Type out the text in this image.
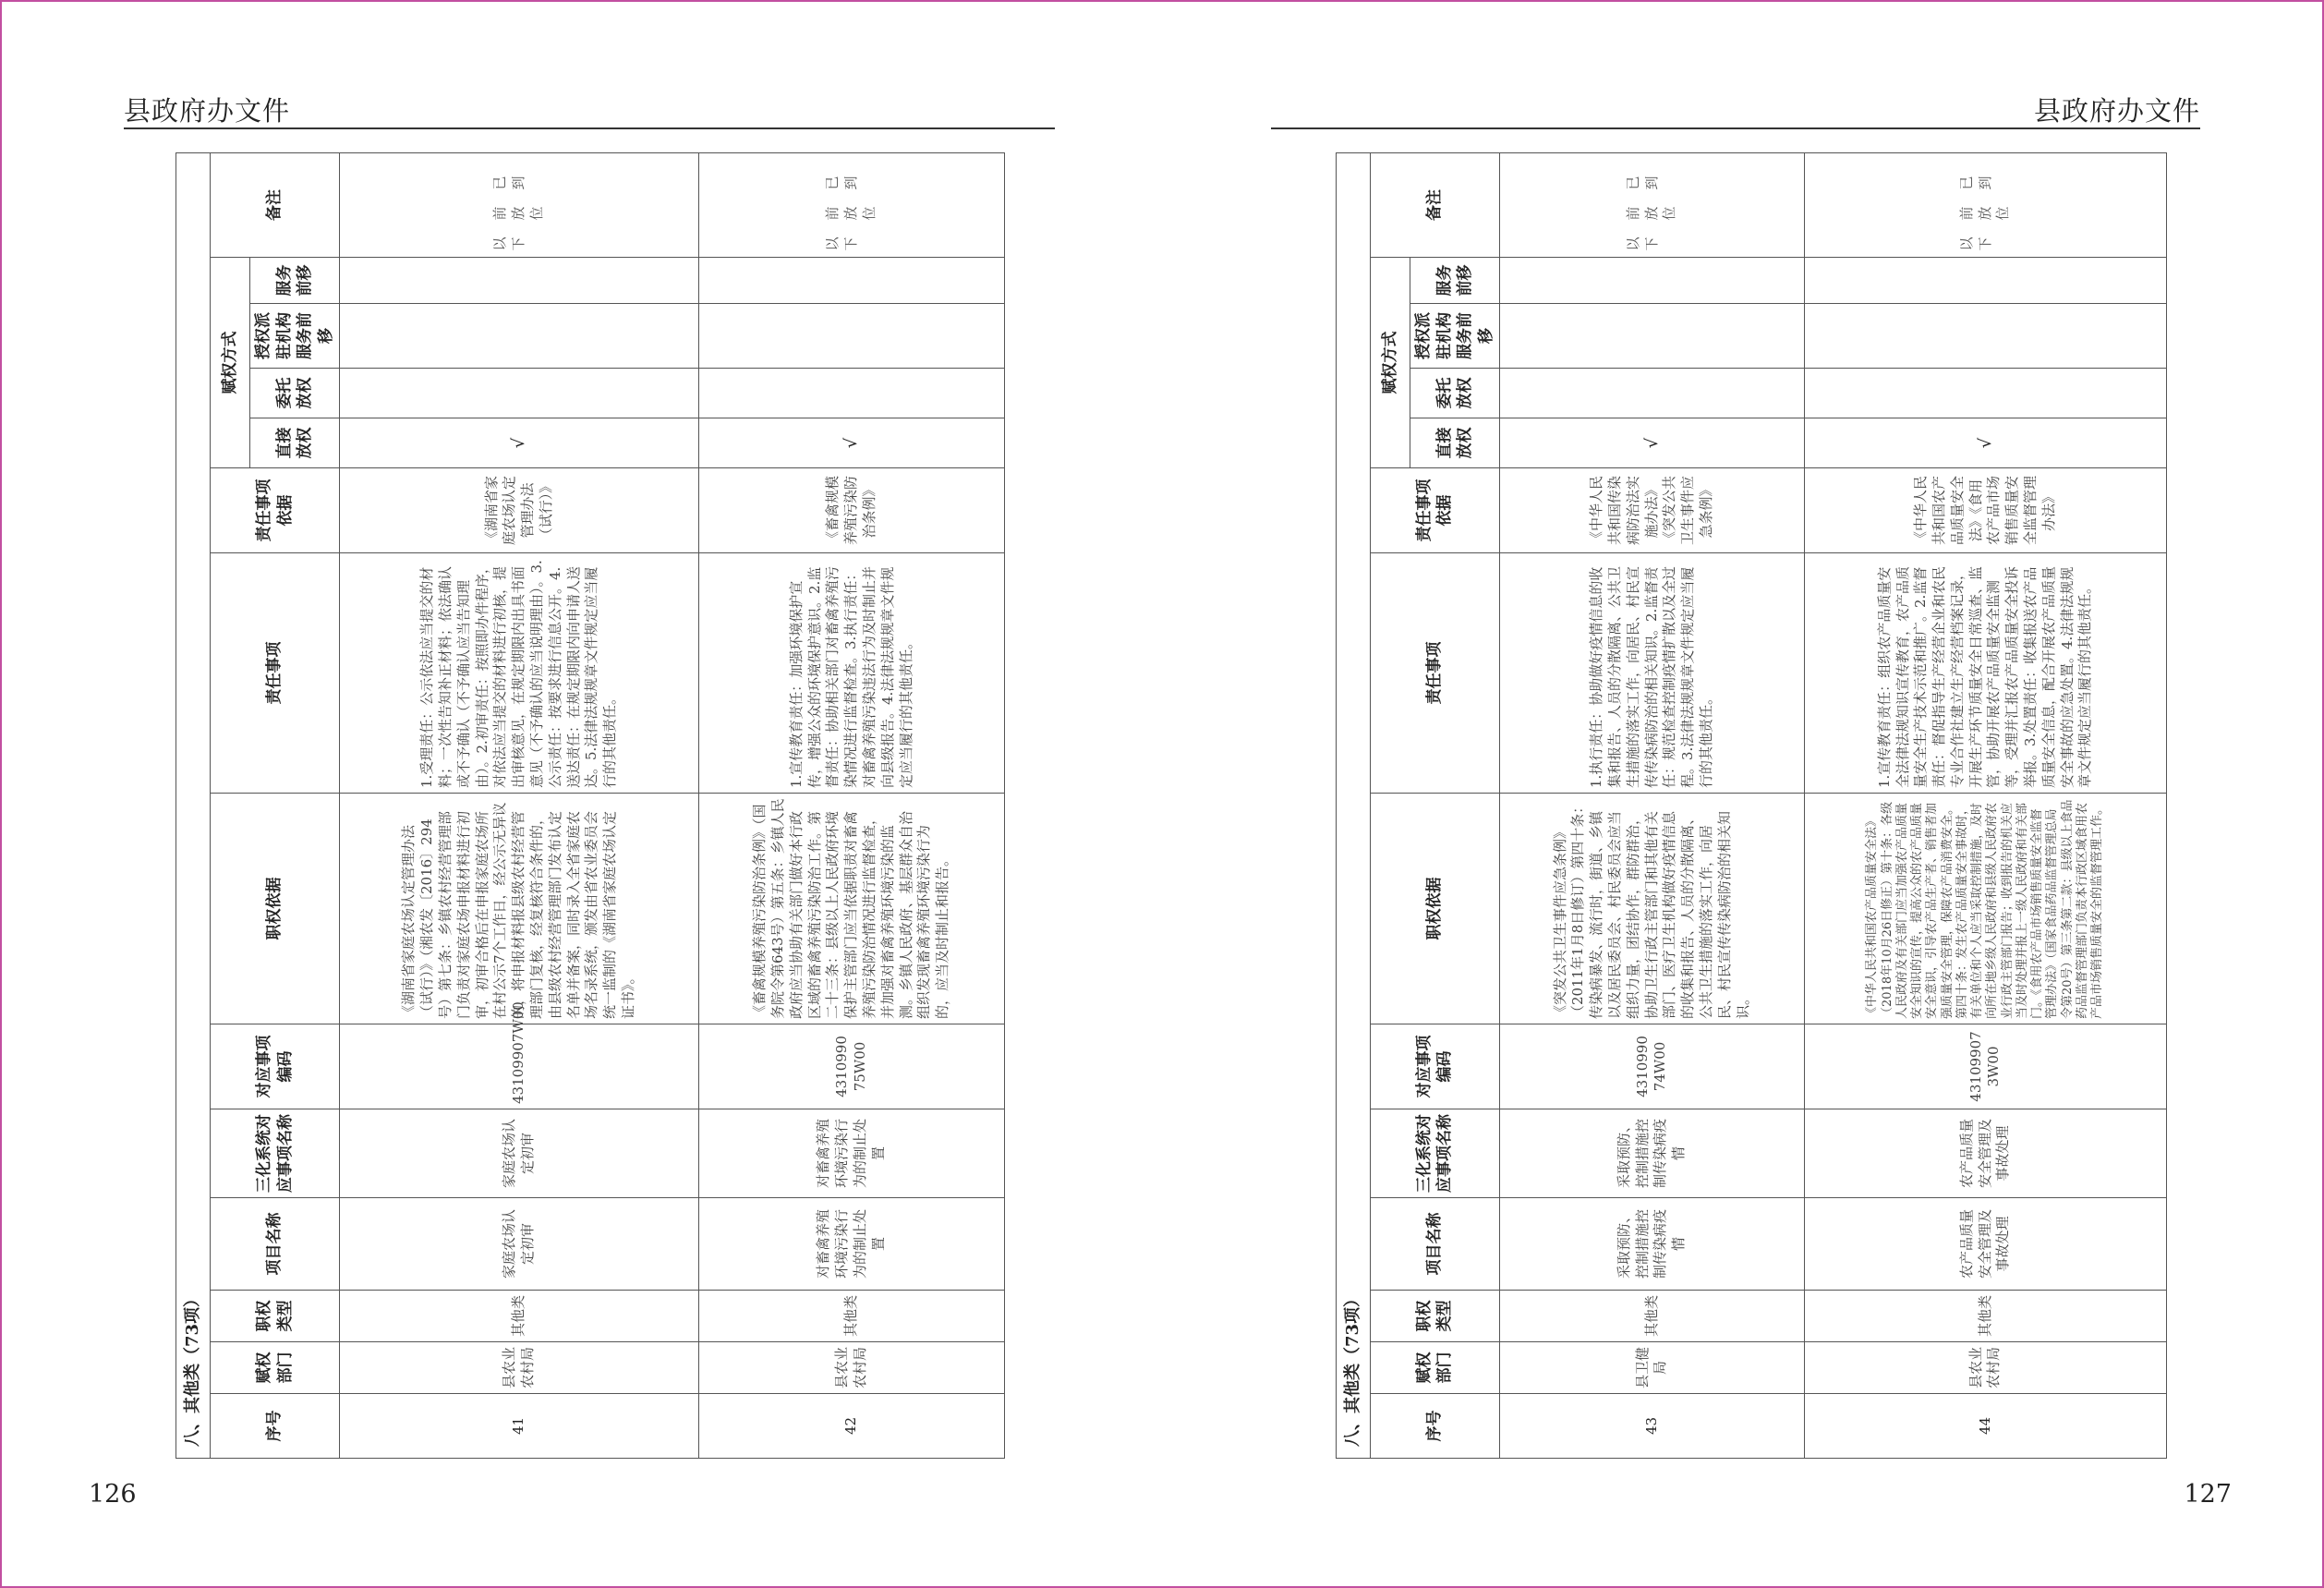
县政府办文件
八、其他类（73项）													
序号	赋权部门	职权类型	项目名称	三化系统对应事项名称	对应事项编码	职权依据	责任事项	责任事项依据	赋权方式				备注
									直接放权	委托放权	授权派驻机构服务前移	服务前移	
41	县农业农村局	其他类	家庭农场认定初审	家庭农场认定初审	43109907W00	《湖南省家庭农场认定管理办法（试行）》（湘农发〔2016〕294号）第七条：乡镇农村经营管理部门负责对家庭农场申报材料进行初审，初审合格后在申报家庭农场所在村公示7个工作日，经公示无异议的，将申报材料报县级农村经营管理部门复核，经复核符合条件的，由县级农村经营管理部门发布认定名单并备案，同时录入全省家庭农场名录系统，颁发由省农业委员会统一监制的《湖南省家庭农场认定证书》。	1.受理责任：公示依法应当提交的材料；一次性告知补正材料；依法确认或不予确认（不予确认应当告知理由）。2.初审责任：按照即办件程序，对依法应当提交的材料进行初核，提出审核意见，在规定期限内出具书面意见（不予确认的应当说明理由）。3.公示责任：按要求进行信息公开。4.送达责任：在规定期限内向申请人送达。5.法律法规规章文件规定应当履行的其他责任。	《湖南省家庭农场认定管理办法（试行）》	√				以前已下放到位
42	县农业农村局	其他类	对畜禽养殖环境污染行为的制止处置	对畜禽养殖环境污染行为的制止处置	4310990 75W00	《畜禽规模养殖污染防治条例》（国务院令第643号）第五条：乡镇人民政府应当协助有关部门做好本行政区域的畜禽养殖污染防治工作。第二十三条：县级以上人民政府环境保护主管部门应当依据职责对畜禽养殖污染防治情况进行监督检查，并加强对畜禽养殖环境污染的监测。乡镇人民政府、基层群众自治组织发现畜禽养殖环境污染行为的，应当及时制止和报告。	1.宣传教育责任：加强环境保护宣传，增强公众的环境保护意识。2.监督责任：协助相关部门对畜禽养殖污染情况进行监督检查。3.执行责任：对畜禽养殖污染违法行为及时制止并向县级报告。4.法律法规规章文件规定应当履行的其他责任。	《畜禽规模养殖污染防治条例》	√				以前已下放到位
126
县政府办文件
八、其他类（73项）													
序号	赋权部门	职权类型	项目名称	三化系统对应事项名称	对应事项编码	职权依据	责任事项	责任事项依据	赋权方式				备注
									直接放权	委托放权	授权派驻机构服务前移	服务前移	
43	县卫健局	其他类	采取预防、控制措施控制传染病疫情	采取预防、控制措施控制传染病疫情	4310990 74W00	《突发公共卫生事件应急条例》（2011年1月8日修订）第四十条：传染病暴发、流行时，街道、乡镇以及居民委员会、村民委员会应当组织力量，团结协作，群防群治，协助卫生行政主管部门和其他有关部门、医疗卫生机构做好疫情信息的收集和报告、人员的分散隔离、公共卫生措施的落实工作，向居民、村民宣传传染病防治的相关知识。	1.执行责任：协助做好疫情信息的收集和报告、人员的分散隔离、公共卫生措施的落实工作，向居民、村民宣传传染病防治的相关知识。2.监督责任：规范检查控制疫情扩散以及全过程。3.法律法规规章文件规定应当履行的其他责任。	《中华人民共和国传染病防治法实施办法》《突发公共卫生事件应急条例》	√				以前已下放到位
44	县农业农村局	其他类	农产品质量安全管理及事故处理	农产品质量安全管理及事故处理	43109907 3W00	《中华人民共和国农产品质量安全法》（2018年10月26日修正）第十条：各级人民政府及有关部门应当加强农产品质量安全知识的宣传，提高公众的农产品质量安全意识，引导农产品生产者、销售者加强质量安全管理，保障农产品消费安全。第四十条：发生农产品质量安全事故时，有关单位和个人应当采取控制措施，及时向所在地乡级人民政府和县级人民政府农业行政主管部门报告；收到报告的机关应当及时处理并报上一级人民政府和有关部门。《食用农产品市场销售质量安全监督管理办法》（国家食品药品监督管理总局令第20号）第三条第二款：县级以上食品药品监督管理部门负责本行政区域食用农产品市场销售质量安全的监督管理工作。	1.宣传教育责任：组织农产品质量安全法律法规知识宣传教育，农产品质量安全生产技术示范和推广。2.监督责任：督促指导生产经营企业和农民专业合作社建立生产经营档案记录，开展生产环节质量安全日常巡查、监管，协助开展农产品质量安全监测等，受理并汇报农产品质量安全投诉举报。3.处置责任：收集报送农产品质量安全信息，配合开展农产品质量安全事故的应急处置。4.法律法规规章文件规定应当履行的其他责任。	《中华人民共和国农产品质量安全法》《食用农产品市场销售质量安全监督管理办法》	√				以前已下放到位
127
